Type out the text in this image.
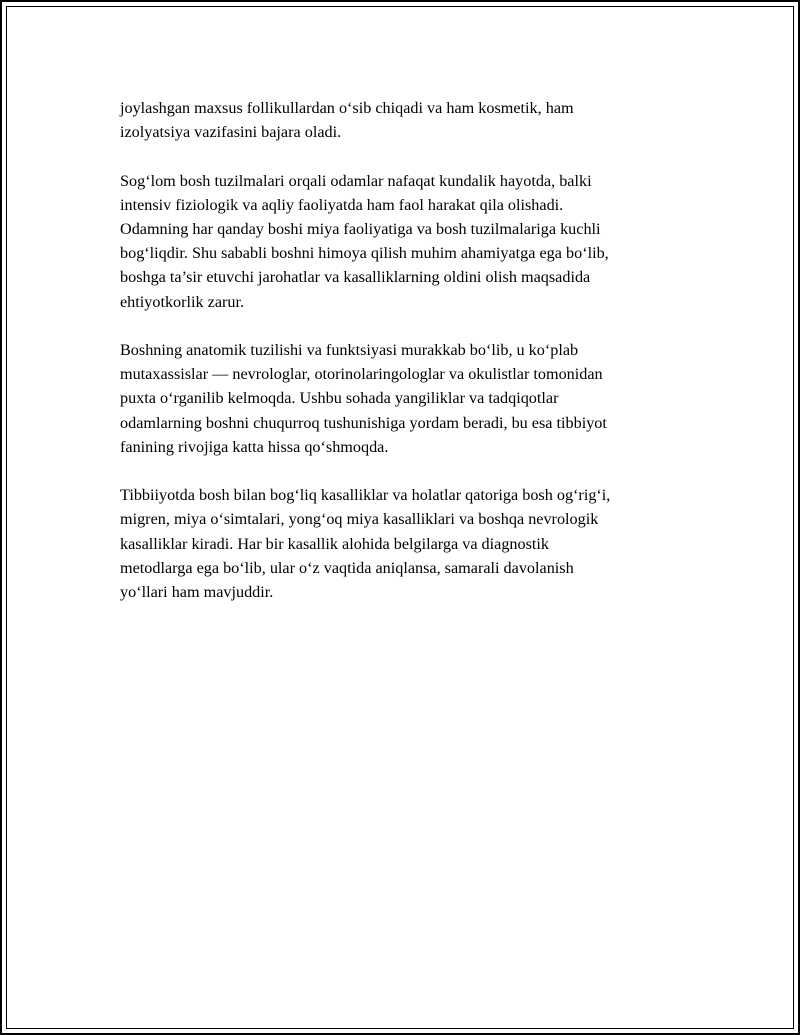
joylashgan maxsus follikullardan o‘sib chiqadi va ham kosmetik, ham
izolyatsiya vazifasini bajara oladi.

Sog‘lom bosh tuzilmalari orqali odamlar nafaqat kundalik hayotda, balki
intensiv fiziologik va aqliy faoliyatda ham faol harakat qila olishadi.
Odamning har qanday boshi miya faoliyatiga va bosh tuzilmalariga kuchli
bog‘liqdir. Shu sababli boshni himoya qilish muhim ahamiyatga ega bo‘lib,
boshga ta’sir etuvchi jarohatlar va kasalliklarning oldini olish maqsadida
ehtiyotkorlik zarur.

Boshning anatomik tuzilishi va funktsiyasi murakkab bo‘lib, u ko‘plab
mutaxassislar — nevrologlar, otorinolaringologlar va okulistlar tomonidan
puxta o‘rganilib kelmoqda. Ushbu sohada yangiliklar va tadqiqotlar
odamlarning boshni chuqurroq tushunishiga yordam beradi, bu esa tibbiyot
fanining rivojiga katta hissa qo‘shmoqda.

Tibbiiyotda bosh bilan bog‘liq kasalliklar va holatlar qatoriga bosh og‘rig‘i,
migren, miya o‘simtalari, yong‘oq miya kasalliklari va boshqa nevrologik
kasalliklar kiradi. Har bir kasallik alohida belgilarga va diagnostik
metodlarga ega bo‘lib, ular o‘z vaqtida aniqlansa, samarali davolanish
yo‘llari ham mavjuddir.
